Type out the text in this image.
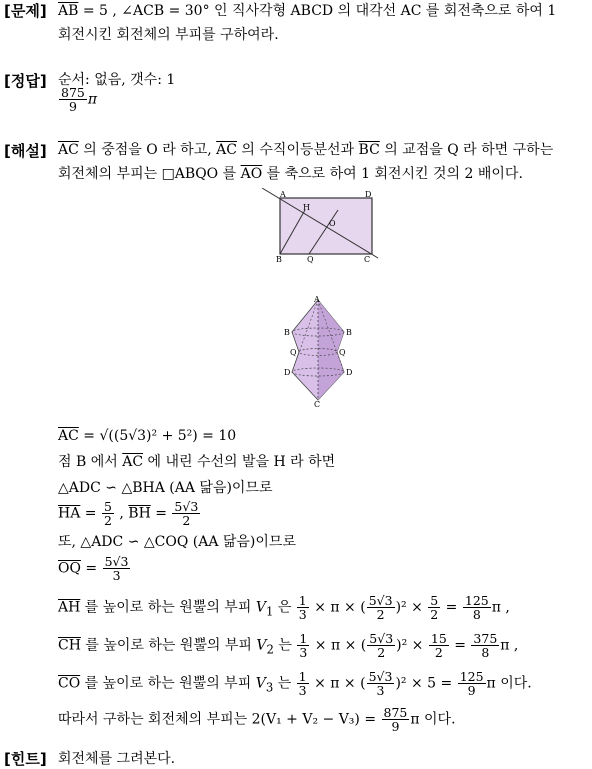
[문제]
[정답]
[해설]
[힌트]
$\overline{AB} = 5$ , ∠ACB = 30° 인 직사각형 ABCD 의 대각선 AC 를 회전축으로 하여 1
회전시킨 회전체의 부피를 구하여라.
순서: 없음, 갯수: 1
$\frac{875}{9}$ π
$\overline{AC}$ 의 중점을 O 라 하고, $\overline{AC}$ 의 수직이등분선과 $\overline{BC}$ 의 교점을 Q 라 하면 구하는
회전체의 부피는 □ABQO 를 $\overline{AO}$ 를 축으로 하여 1 회전시킨 것의 2 배이다.
A	D
H
O
B	Q	C
A
B	B
Q	Q
D	D
C
$\overline{AC} = √((5√3)^2 + 5^2) = 10$
점 B 에서 $\overline{AC}$ 에 내린 수선의 발을 H 라 하면
△ADC ∽ △BHA (AA 닮음)이므로
$\overline{HA} = \frac{5}{2}$ , $\overline{BH} = \frac{5√3}{2}$
또, △ADC ∽ △COQ (AA 닮음)이므로
$\overline{OQ} = \frac{5√3}{3}$
$\overline{AH}$ 를 높이로 하는 원뿔의 부피 $V_1$ 은 $\frac{1}{3} \times \pi$ × ( $\frac{5√3}{2} )^2 \times \frac{5}{2} = \frac{125}{8}$ π ,
$\overline{CH}$ 를 높이로 하는 원뿔의 부피 $V_2$ 는 $\frac{1}{3} \times \pi$ × ( $\frac{5√3}{2} )^2 \times \frac{15}{2} = \frac{375}{8}$ π ,
$\overline{CO}$ 를 높이로 하는 원뿔의 부피 $V_3$ 는 $\frac{1}{3} \times \pi$ × ( $\frac{5√3}{3} )^2 \times 5 = \frac{125}{9}$ π 이다.
따라서 구하는 회전체의 부피는 $2(V_1 + V_2 - V_3) = \frac{875}{9}$ π 이다.
회전체를 그려본다.
